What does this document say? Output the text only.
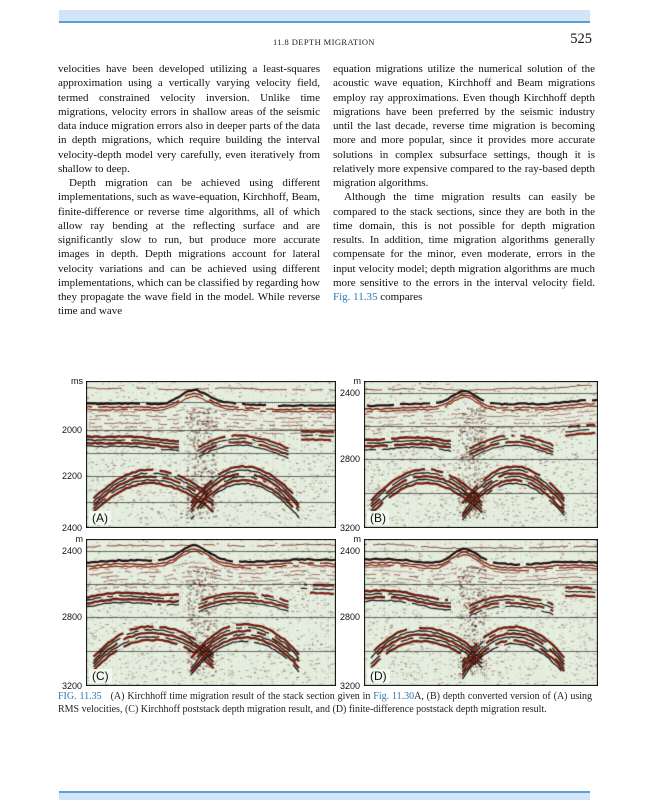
11.8 DEPTH MIGRATION	525

velocities have been developed utilizing a least-squares approximation using a vertically varying velocity field, termed constrained velocity inversion. Unlike time migrations, velocity errors in shallow areas of the seismic data induce migration errors also in deeper parts of the data in depth migrations, which require building the interval velocity-depth model very carefully, even iteratively from shallow to deep.

Depth migration can be achieved using different implementations, such as wave-equation, Kirchhoff, Beam, finite-difference or reverse time algorithms, all of which allow ray bending at the reflecting surface and are significantly slow to run, but produce more accurate images in depth. Depth migrations account for lateral velocity variations and can be achieved using different implementations, which can be classified by regarding how they propagate the wave field in the model. While reverse time and wave

equation migrations utilize the numerical solution of the acoustic wave equation, Kirchhoff and Beam migrations employ ray approximations. Even though Kirchhoff depth migrations have been preferred by the seismic industry until the last decade, reverse time migration is becoming more and more popular, since it provides more accurate solutions in complex subsurface settings, though it is relatively more expensive compared to the ray-based depth migration algorithms.

Although the time migration results can easily be compared to the stack sections, since they are both in the time domain, this is not possible for depth migration results. In addition, time migration algorithms generally compensate for the minor, even moderate, errors in the input velocity model; depth migration algorithms are much more sensitive to the errors in the interval velocity field. Fig. 11.35 compares

ms
2000
2200
2400
(A)
m
2400
2800
3200
(B)
m
2400
2800
3200
(C)
m
2400
2800
3200
(D)
FIG. 11.35 (A) Kirchhoff time migration result of the stack section given in Fig. 11.30A, (B) depth converted version of (A) using RMS velocities, (C) Kirchhoff poststack depth migration result, and (D) finite-difference poststack depth migration result.
